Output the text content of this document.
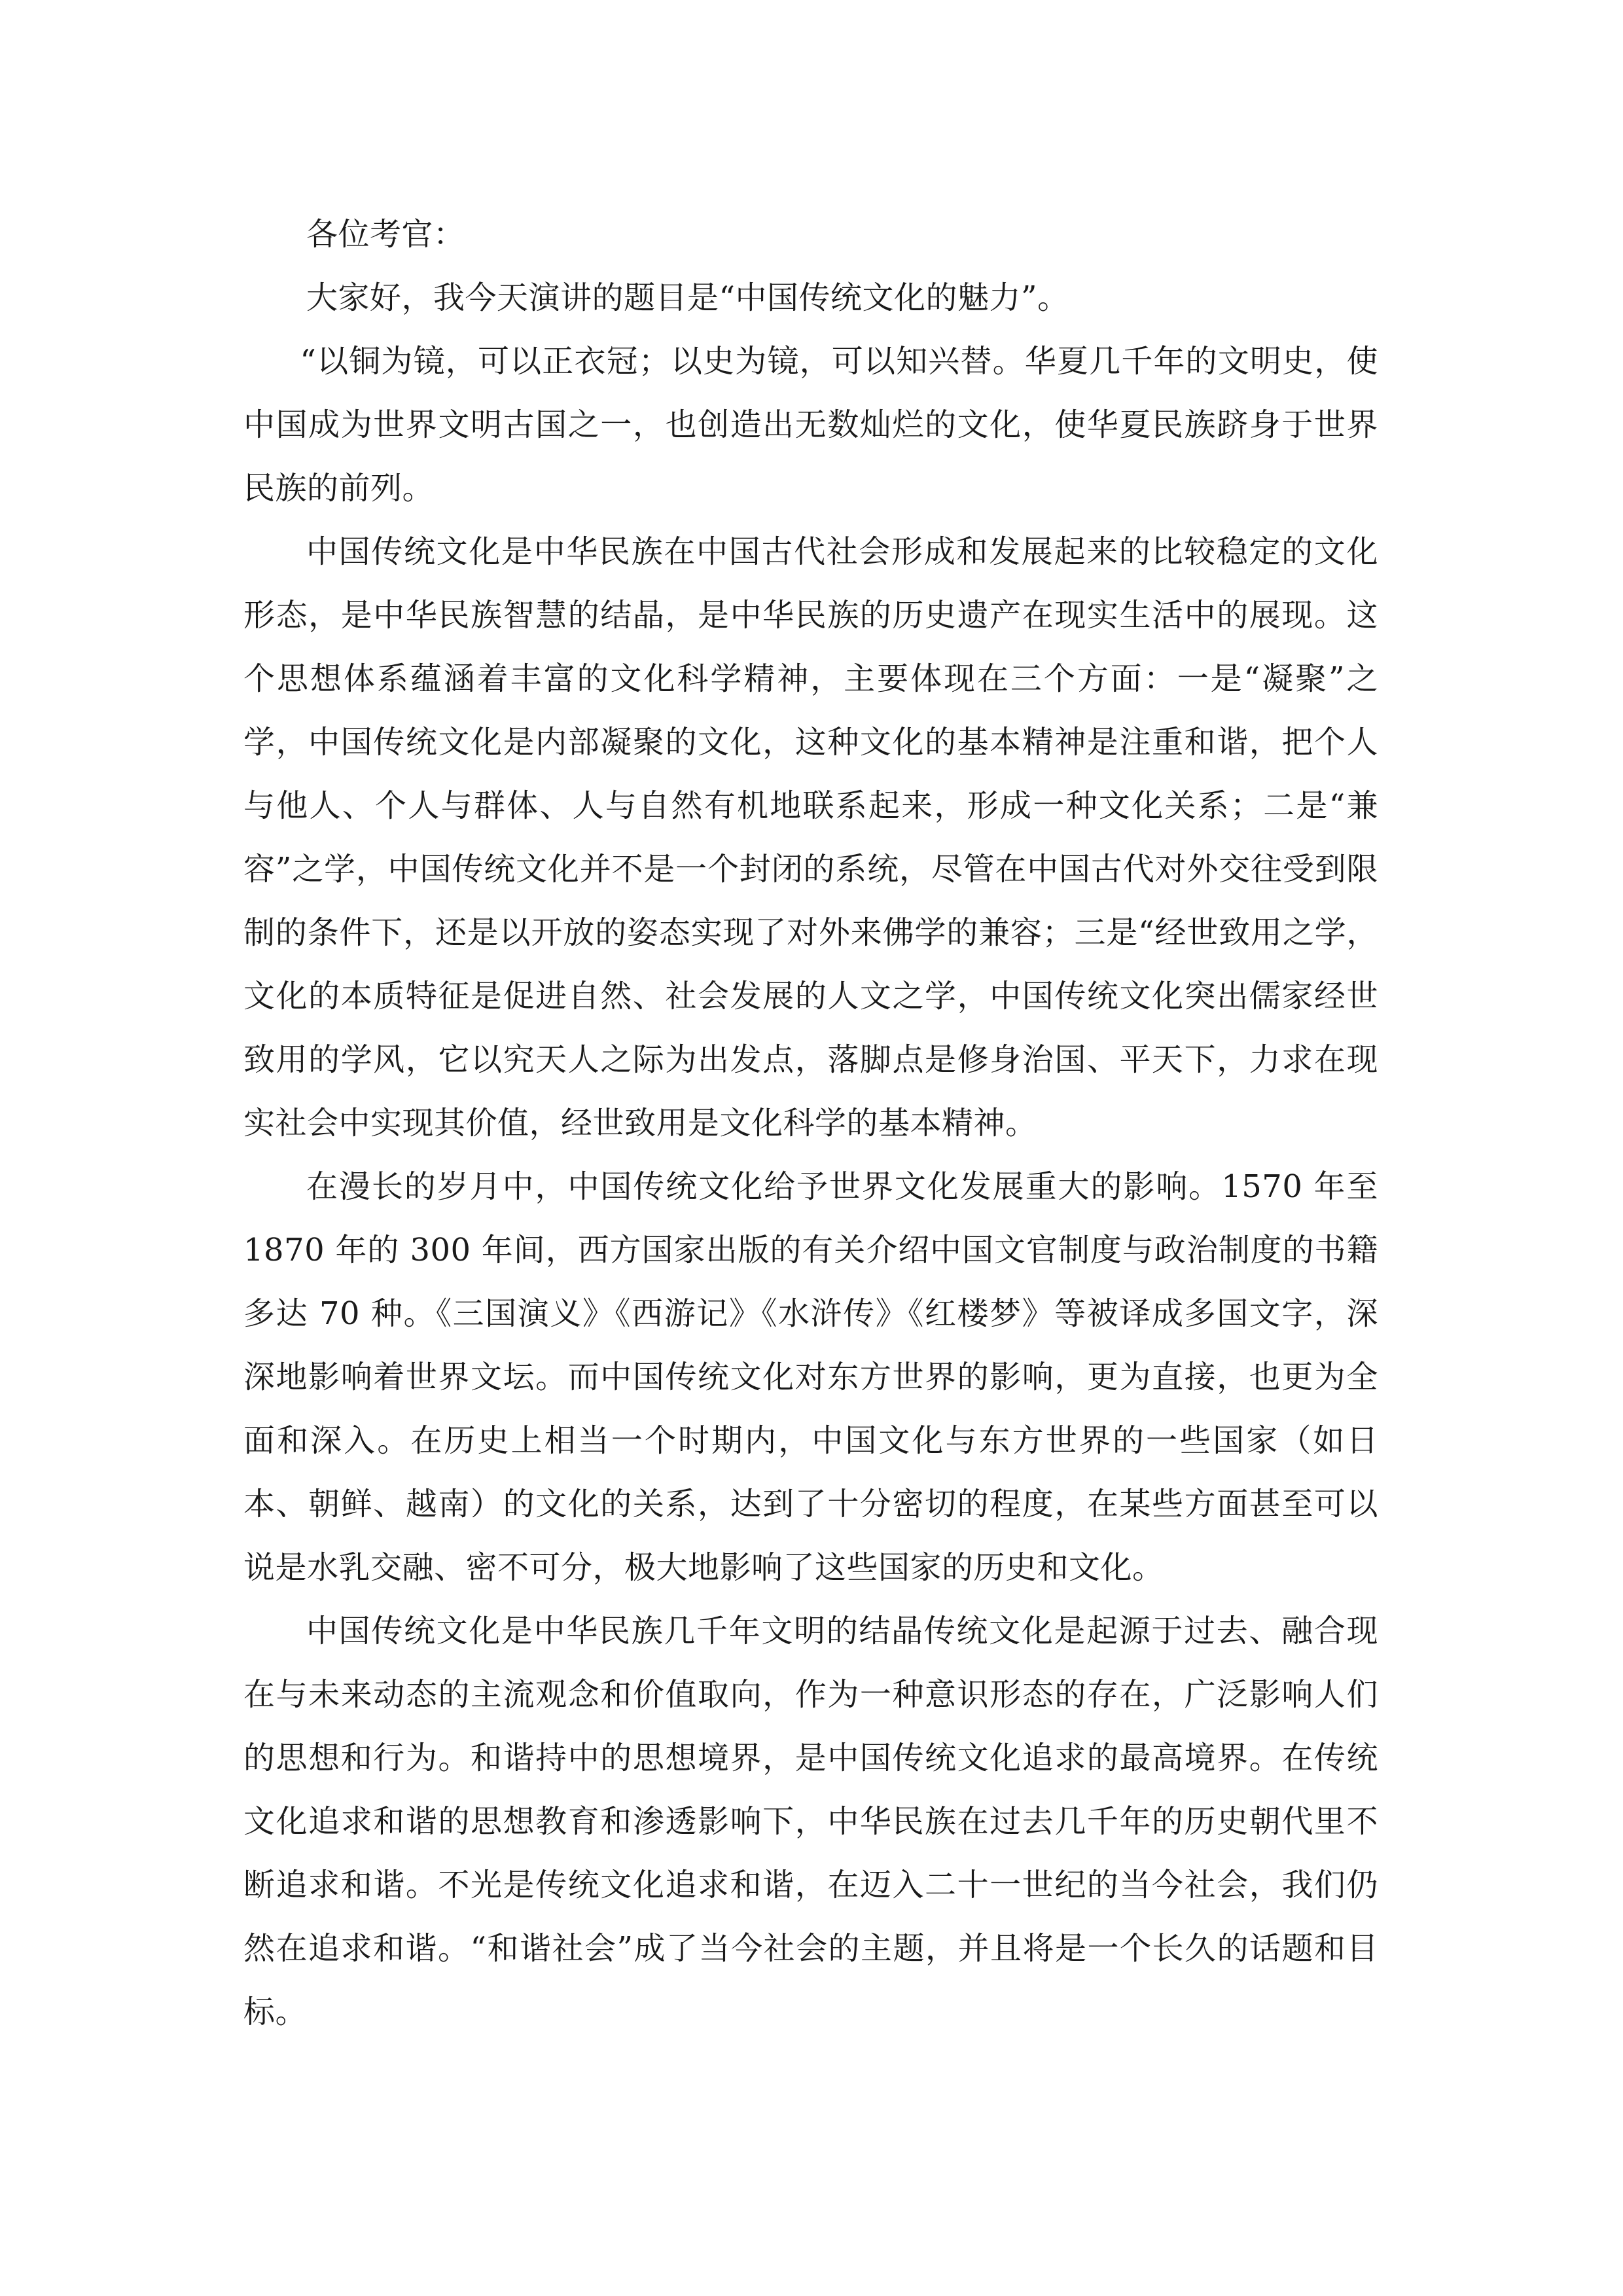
各位考官：

大家好，我今天演讲的题目是“中国传统文化的魅力”。

“以铜为镜，可以正衣冠；以史为镜，可以知兴替。华夏几千年的文明史，使中国成为世界文明古国之一，也创造出无数灿烂的文化，使华夏民族跻身于世界民族的前列。

中国传统文化是中华民族在中国古代社会形成和发展起来的比较稳定的文化形态，是中华民族智慧的结晶，是中华民族的历史遗产在现实生活中的展现。这个思想体系蕴涵着丰富的文化科学精神，主要体现在三个方面：一是“凝聚”之学，中国传统文化是内部凝聚的文化，这种文化的基本精神是注重和谐，把个人与他人、个人与群体、人与自然有机地联系起来，形成一种文化关系；二是“兼容”之学，中国传统文化并不是一个封闭的系统，尽管在中国古代对外交往受到限制的条件下，还是以开放的姿态实现了对外来佛学的兼容；三是“经世致用之学，文化的本质特征是促进自然、社会发展的人文之学，中国传统文化突出儒家经世致用的学风，它以究天人之际为出发点，落脚点是修身治国、平天下，力求在现实社会中实现其价值，经世致用是文化科学的基本精神。

在漫长的岁月中，中国传统文化给予世界文化发展重大的影响。1570 年至 1870 年的 300 年间，西方国家出版的有关介绍中国文官制度与政治制度的书籍多达 70 种。《三国演义》《西游记》《水浒传》《红楼梦》等被译成多国文字，深深地影响着世界文坛。而中国传统文化对东方世界的影响，更为直接，也更为全面和深入。在历史上相当一个时期内，中国文化与东方世界的一些国家（如日本、朝鲜、越南）的文化的关系，达到了十分密切的程度，在某些方面甚至可以说是水乳交融、密不可分，极大地影响了这些国家的历史和文化。

中国传统文化是中华民族几千年文明的结晶传统文化是起源于过去、融合现在与未来动态的主流观念和价值取向，作为一种意识形态的存在，广泛影响人们的思想和行为。和谐持中的思想境界，是中国传统文化追求的最高境界。在传统文化追求和谐的思想教育和渗透影响下，中华民族在过去几千年的历史朝代里不断追求和谐。不光是传统文化追求和谐，在迈入二十一世纪的当今社会，我们仍然在追求和谐。“和谐社会”成了当今社会的主题，并且将是一个长久的话题和目标。
